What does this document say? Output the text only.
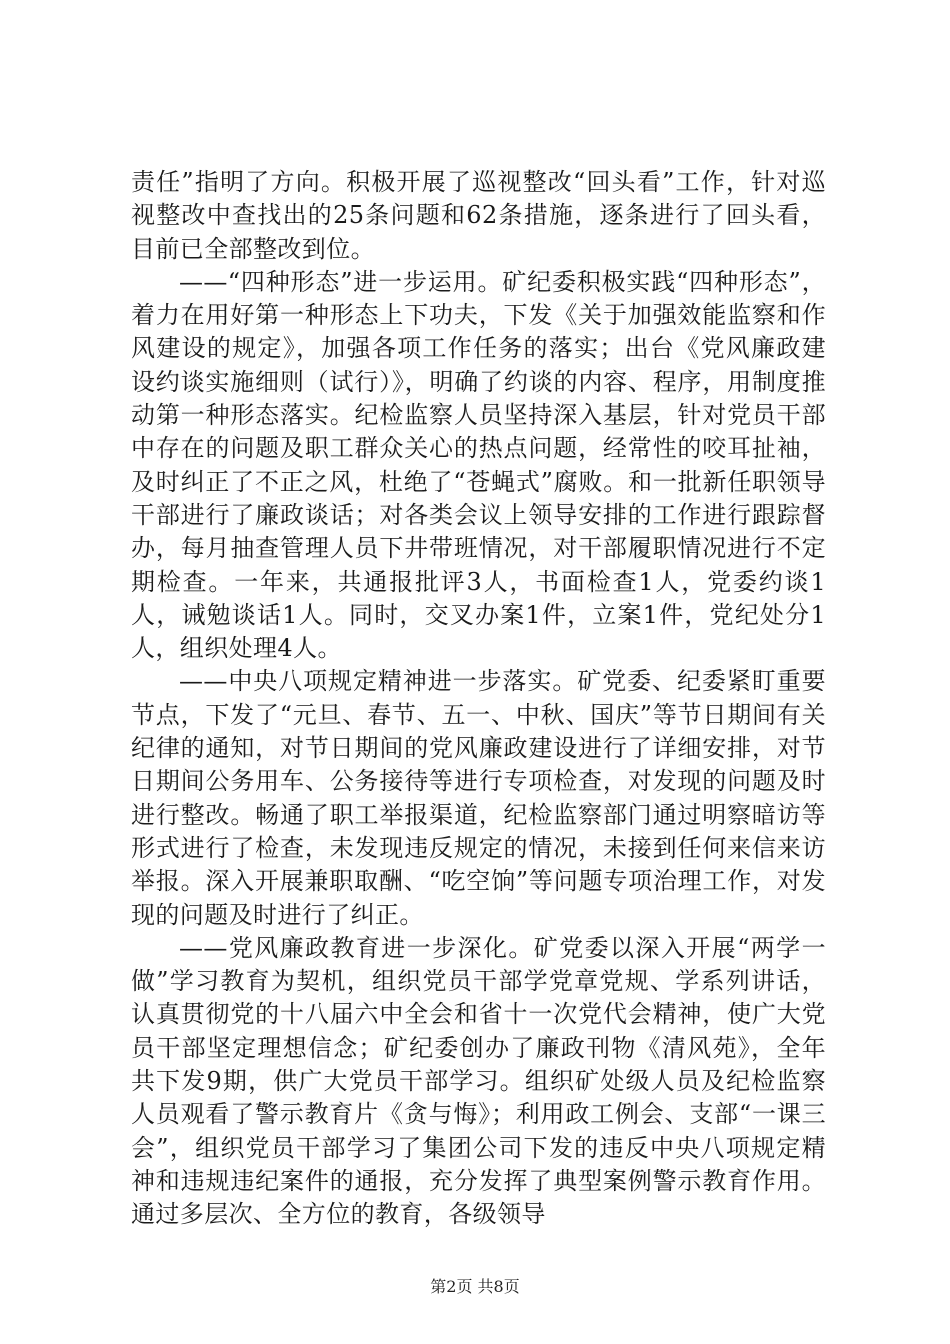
责任”指明了方向。积极开展了巡视整改“回头看”工作，针对巡视整改中查找出的25条问题和62条措施，逐条进行了回头看，目前已全部整改到位。

——“四种形态”进一步运用。矿纪委积极实践“四种形态”，着力在用好第一种形态上下功夫，下发《关于加强效能监察和作风建设的规定》，加强各项工作任务的落实；出台《党风廉政建设约谈实施细则（试行）》，明确了约谈的内容、程序，用制度推动第一种形态落实。纪检监察人员坚持深入基层，针对党员干部中存在的问题及职工群众关心的热点问题，经常性的咬耳扯袖，及时纠正了不正之风，杜绝了“苍蝇式”腐败。和一批新任职领导干部进行了廉政谈话；对各类会议上领导安排的工作进行跟踪督办，每月抽查管理人员下井带班情况，对干部履职情况进行不定期检查。一年来，共通报批评3人，书面检查1人，党委约谈1人，诫勉谈话1人。同时，交叉办案1件，立案1件，党纪处分1人，组织处理4人。

——中央八项规定精神进一步落实。矿党委、纪委紧盯重要节点，下发了“元旦、春节、五一、中秋、国庆”等节日期间有关纪律的通知，对节日期间的党风廉政建设进行了详细安排，对节日期间公务用车、公务接待等进行专项检查，对发现的问题及时进行整改。畅通了职工举报渠道，纪检监察部门通过明察暗访等形式进行了检查，未发现违反规定的情况，未接到任何来信来访举报。深入开展兼职取酬、“吃空饷”等问题专项治理工作，对发现的问题及时进行了纠正。

——党风廉政教育进一步深化。矿党委以深入开展“两学一做”学习教育为契机，组织党员干部学党章党规、学系列讲话，认真贯彻党的十八届六中全会和省十一次党代会精神，使广大党员干部坚定理想信念；矿纪委创办了廉政刊物《清风苑》，全年共下发9期，供广大党员干部学习。组织矿处级人员及纪检监察人员观看了警示教育片《贪与悔》；利用政工例会、支部“一课三会”，组织党员干部学习了集团公司下发的违反中央八项规定精神和违规违纪案件的通报，充分发挥了典型案例警示教育作用。通过多层次、全方位的教育，各级领导

第2页 共8页
